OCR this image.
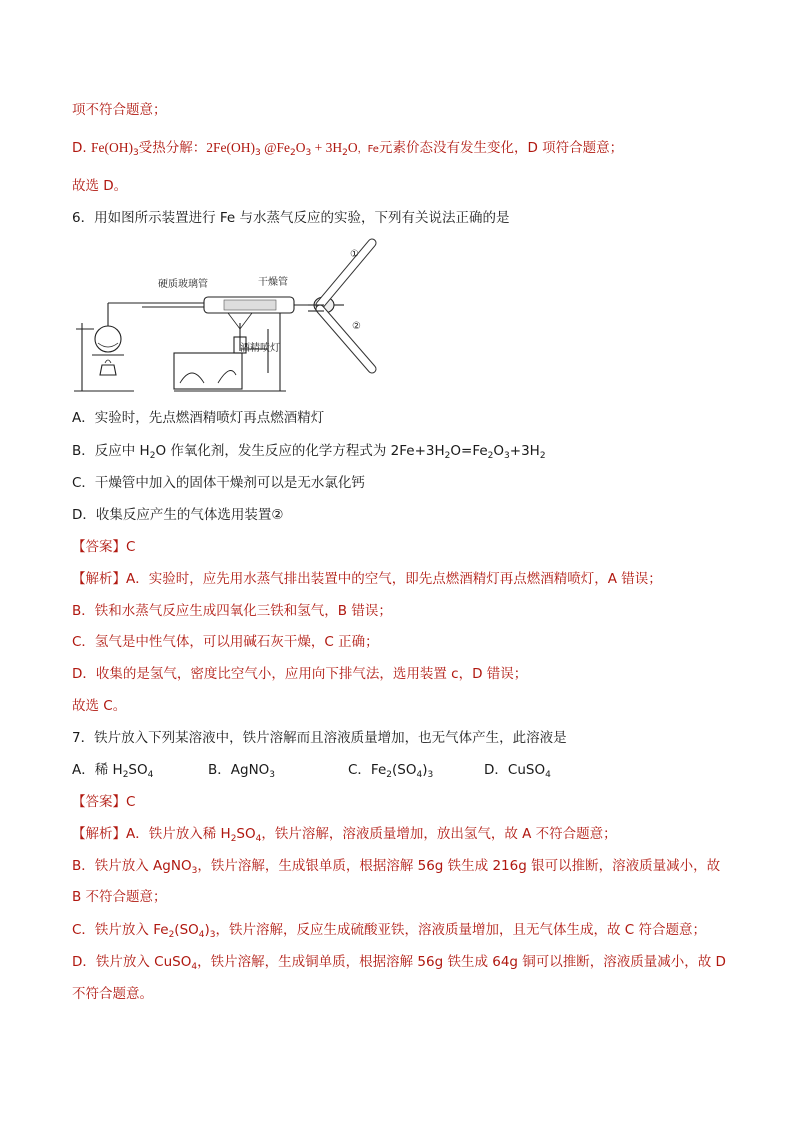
项不符合题意；
D. $Fe(OH)_3$受热分解：$2Fe(OH)_3$ $@Fe_2O_3 + 3H_2O$，Fe元素价态没有发生变化，D 项符合题意；
故选 D。
6．用如图所示装置进行 Fe 与水蒸气反应的实验，下列有关说法正确的是
硬质玻璃管	干燥管
酒精喷灯
①
②
A．实验时，先点燃酒精喷灯再点燃酒精灯
B．反应中 $H_2O$ 作氧化剂，发生反应的化学方程式为 $2Fe+3H_2O=Fe_2O_3+3H_2$
C．干燥管中加入的固体干燥剂可以是无水氯化钙
D．收集反应产生的气体选用装置②
【答案】C
【解析】A．实验时，应先用水蒸气排出装置中的空气，即先点燃酒精灯再点燃酒精喷灯，A 错误；
B．铁和水蒸气反应生成四氧化三铁和氢气，B 错误；
C．氢气是中性气体，可以用碱石灰干燥，C 正确；
D．收集的是氢气，密度比空气小，应用向下排气法，选用装置 c，D 错误；
故选 C。
7．铁片放入下列某溶液中，铁片溶解而且溶液质量增加，也无气体产生，此溶液是
A．稀 $H_2SO_4$	B．AgNO$_3$	C．$Fe_2(SO_4)_3$	D．CuSO$_4$
【答案】C
【解析】A．铁片放入稀 $H_2SO_4$，铁片溶解，溶液质量增加，放出氢气，故 A 不符合题意；
B．铁片放入 AgNO$_3$，铁片溶解，生成银单质，根据溶解 56g 铁生成 216g 银可以推断，溶液质量减小，故
B 不符合题意；
C．铁片放入 $Fe_2(SO_4)_3$，铁片溶解，反应生成硫酸亚铁，溶液质量增加，且无气体生成，故 C 符合题意；
D．铁片放入 CuSO$_4$，铁片溶解，生成铜单质，根据溶解 56g 铁生成 64g 铜可以推断，溶液质量减小，故 D
不符合题意。
